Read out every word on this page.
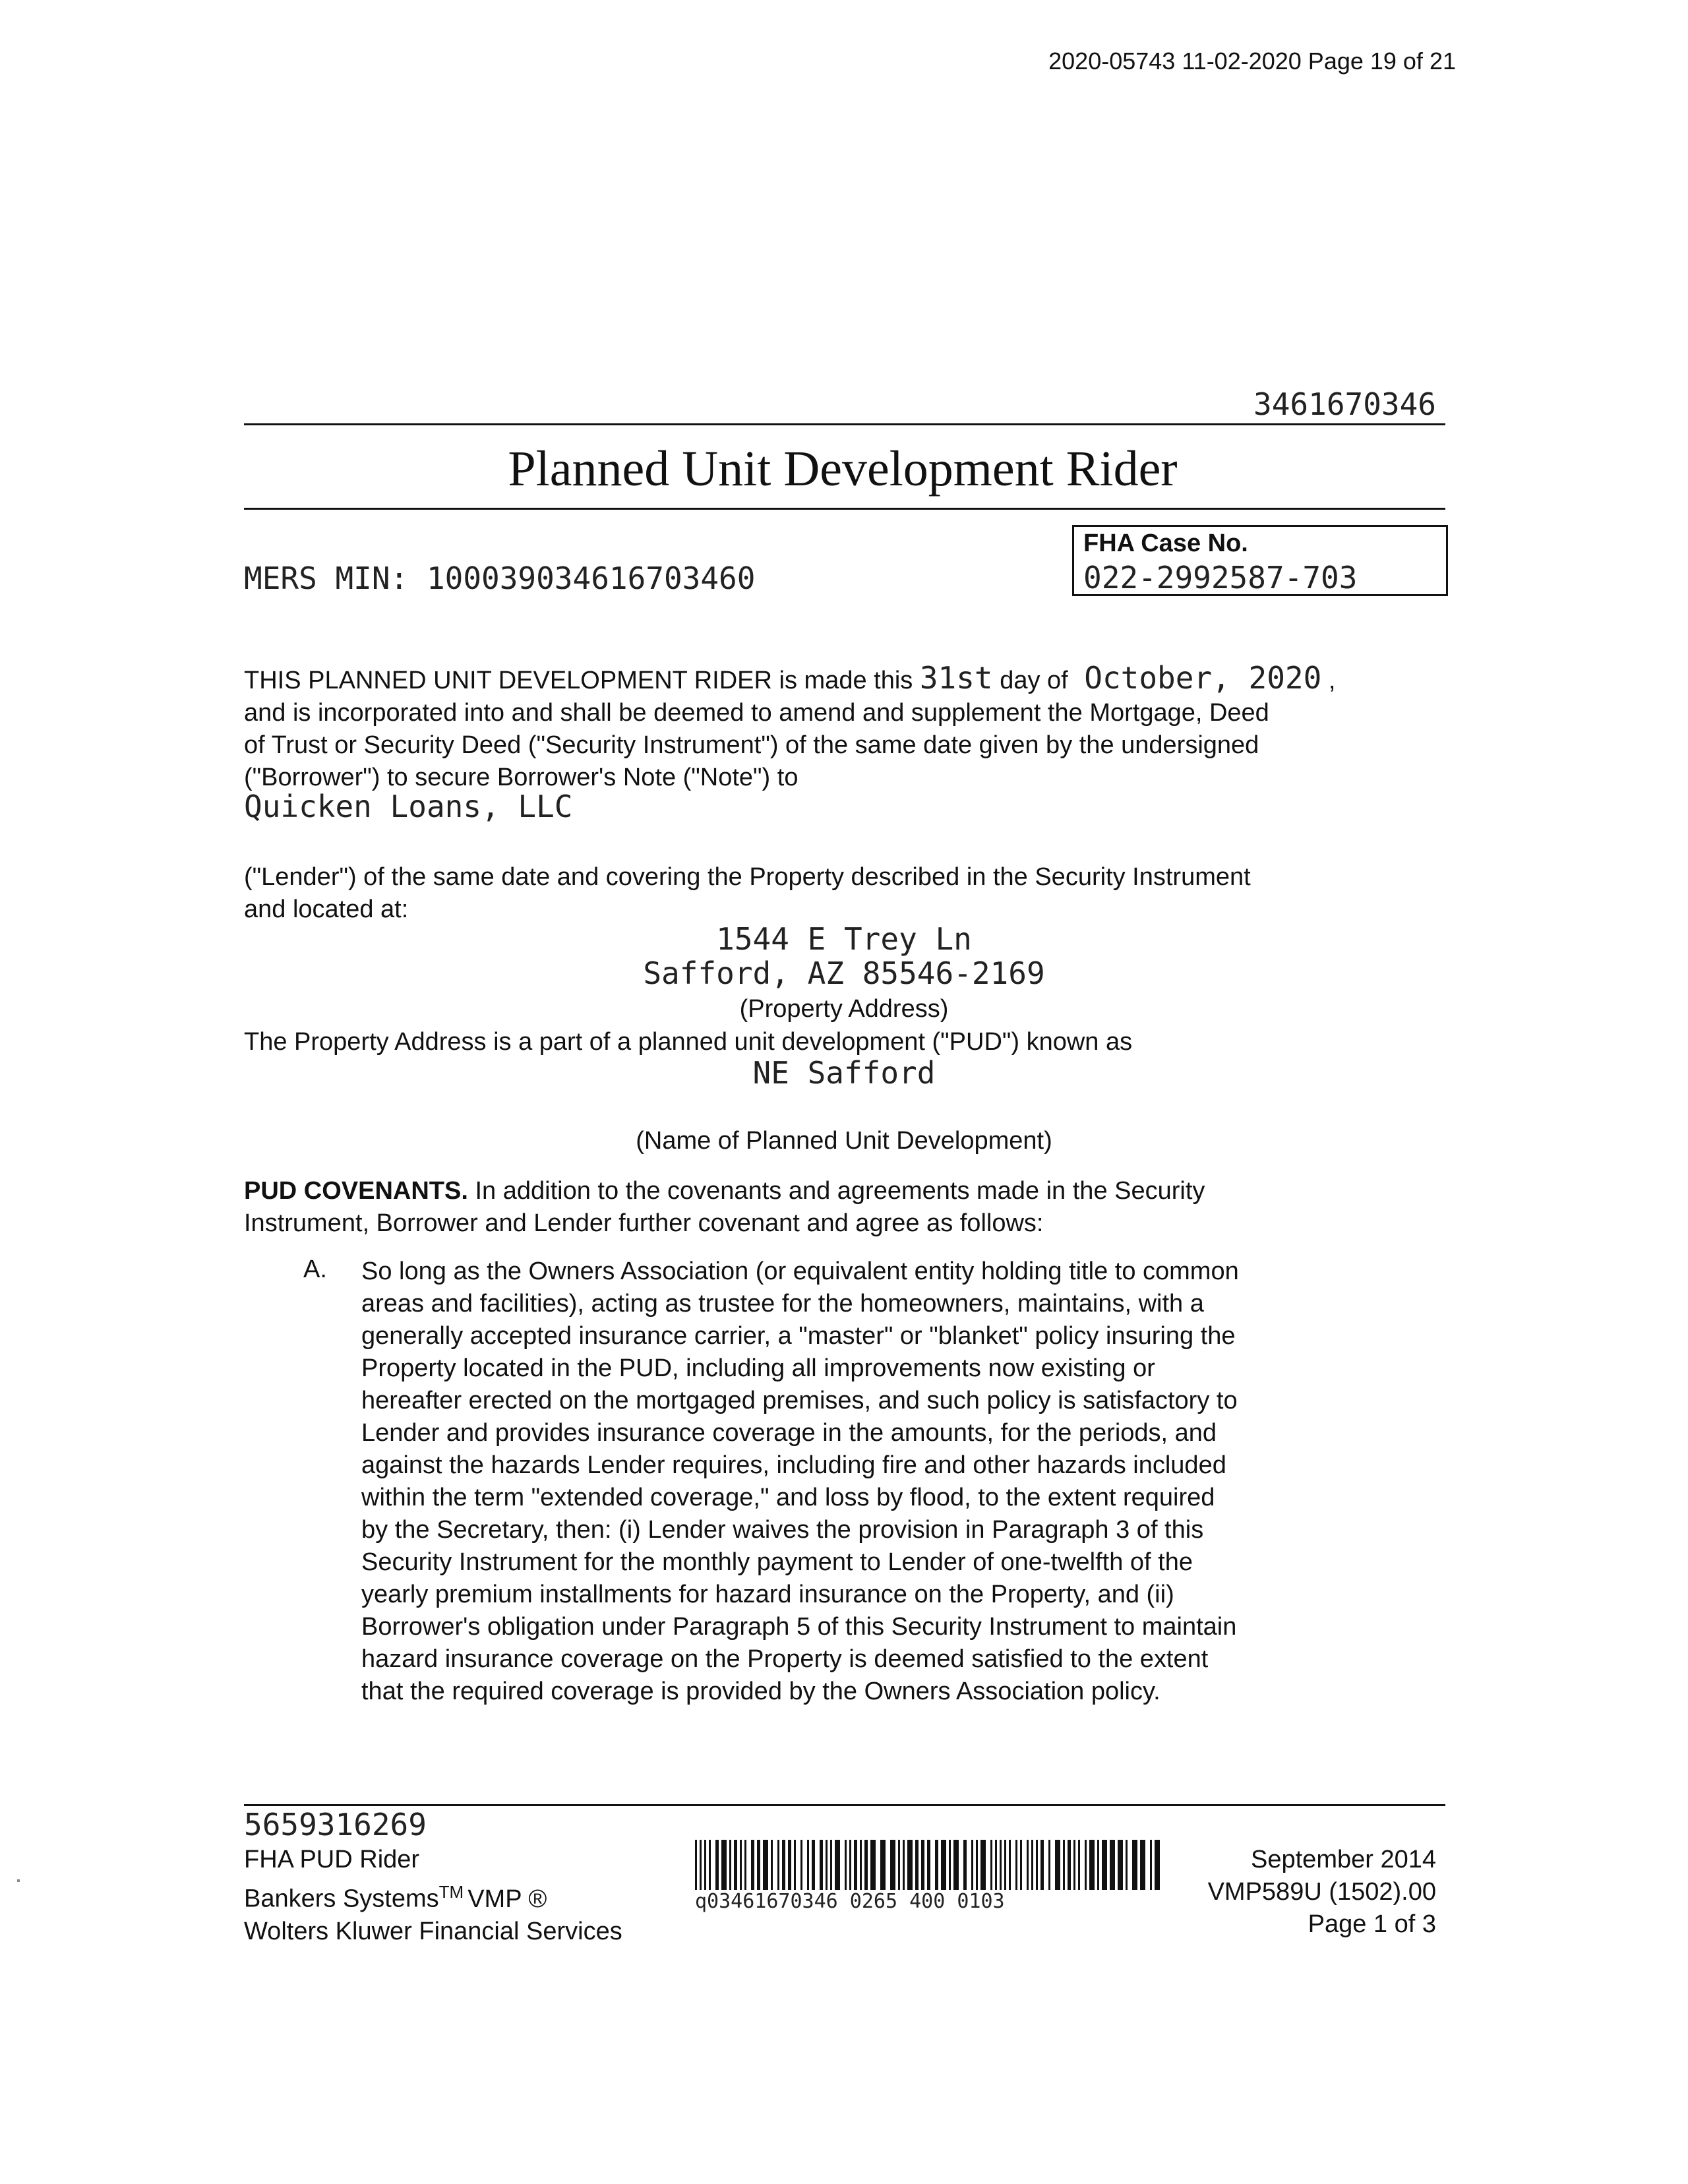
2020-05743 11-02-2020 Page 19 of 21
3461670346
Planned Unit Development Rider
MERS MIN: 100039034616703460
FHA Case No.
022-2992587-703
THIS PLANNED UNIT DEVELOPMENT RIDER is made this 31st day of October, 2020 ,
and is incorporated into and shall be deemed to amend and supplement the Mortgage, Deed
of Trust or Security Deed ("Security Instrument") of the same date given by the undersigned
("Borrower") to secure Borrower's Note ("Note") to
Quicken Loans, LLC
("Lender") of the same date and covering the Property described in the Security Instrument
and located at:
1544 E Trey Ln
Safford, AZ 85546-2169
(Property Address)
The Property Address is a part of a planned unit development ("PUD") known as
NE Safford
(Name of Planned Unit Development)
PUD COVENANTS. In addition to the covenants and agreements made in the Security
Instrument, Borrower and Lender further covenant and agree as follows:
A. So long as the Owners Association (or equivalent entity holding title to common
areas and facilities), acting as trustee for the homeowners, maintains, with a
generally accepted insurance carrier, a "master" or "blanket" policy insuring the
Property located in the PUD, including all improvements now existing or
hereafter erected on the mortgaged premises, and such policy is satisfactory to
Lender and provides insurance coverage in the amounts, for the periods, and
against the hazards Lender requires, including fire and other hazards included
within the term "extended coverage," and loss by flood, to the extent required
by the Secretary, then: (i) Lender waives the provision in Paragraph 3 of this
Security Instrument for the monthly payment to Lender of one-twelfth of the
yearly premium installments for hazard insurance on the Property, and (ii)
Borrower's obligation under Paragraph 5 of this Security Instrument to maintain
hazard insurance coverage on the Property is deemed satisfied to the extent
that the required coverage is provided by the Owners Association policy.
5659316269
FHA PUD Rider
Bankers Systems™ VMP ®
Wolters Kluwer Financial Services
q03461670346 0265 400 0103
September 2014
VMP589U (1502).00
Page 1 of 3
